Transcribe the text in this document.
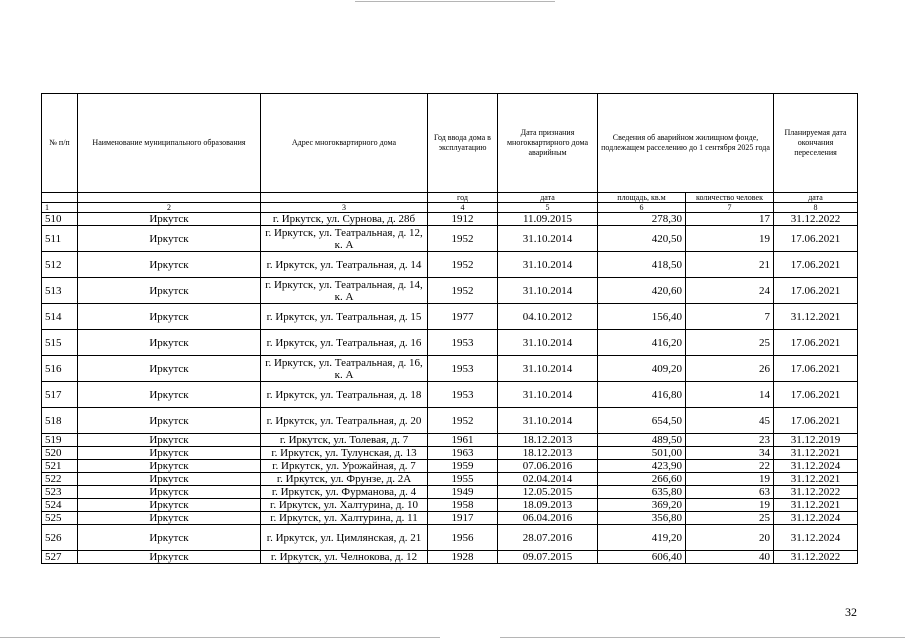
№ п/п	Наименование муниципального образования	Адрес многоквартирного дома	Год ввода дома в эксплуатацию	Дата признания многоквартирного дома аварийным	Сведения об аварийном жилищном фонде, подлежащем расселению до 1 сентября 2025 года		Планируемая дата окончания переселения
			год	дата	площадь, кв.м	количество человек	дата
1	2	3	4	5	6	7	8
510	Иркутск	г. Иркутск, ул. Сурнова, д. 28б	1912	11.09.2015	278,30	17	31.12.2022
511	Иркутск	г. Иркутск, ул. Театральная, д. 12, к. А	1952	31.10.2014	420,50	19	17.06.2021
512	Иркутск	г. Иркутск, ул. Театральная, д. 14	1952	31.10.2014	418,50	21	17.06.2021
513	Иркутск	г. Иркутск, ул. Театральная, д. 14, к. А	1952	31.10.2014	420,60	24	17.06.2021
514	Иркутск	г. Иркутск, ул. Театральная, д. 15	1977	04.10.2012	156,40	7	31.12.2021
515	Иркутск	г. Иркутск, ул. Театральная, д. 16	1953	31.10.2014	416,20	25	17.06.2021
516	Иркутск	г. Иркутск, ул. Театральная, д. 16, к. А	1953	31.10.2014	409,20	26	17.06.2021
517	Иркутск	г. Иркутск, ул. Театральная, д. 18	1953	31.10.2014	416,80	14	17.06.2021
518	Иркутск	г. Иркутск, ул. Театральная, д. 20	1952	31.10.2014	654,50	45	17.06.2021
519	Иркутск	г. Иркутск, ул. Толевая, д. 7	1961	18.12.2013	489,50	23	31.12.2019
520	Иркутск	г. Иркутск, ул. Тулунская, д. 13	1963	18.12.2013	501,00	34	31.12.2021
521	Иркутск	г. Иркутск, ул. Урожайная, д. 7	1959	07.06.2016	423,90	22	31.12.2024
522	Иркутск	г. Иркутск, ул. Фрунзе, д. 2А	1955	02.04.2014	266,60	19	31.12.2021
523	Иркутск	г. Иркутск, ул. Фурманова, д. 4	1949	12.05.2015	635,80	63	31.12.2022
524	Иркутск	г. Иркутск, ул. Халтурина, д. 10	1958	18.09.2013	369,20	19	31.12.2021
525	Иркутск	г. Иркутск, ул. Халтурина, д. 11	1917	06.04.2016	356,80	25	31.12.2024
526	Иркутск	г. Иркутск, ул. Цимлянская, д. 21	1956	28.07.2016	419,20	20	31.12.2024
527	Иркутск	г. Иркутск, ул. Челнокова, д. 12	1928	09.07.2015	606,40	40	31.12.2022
32
